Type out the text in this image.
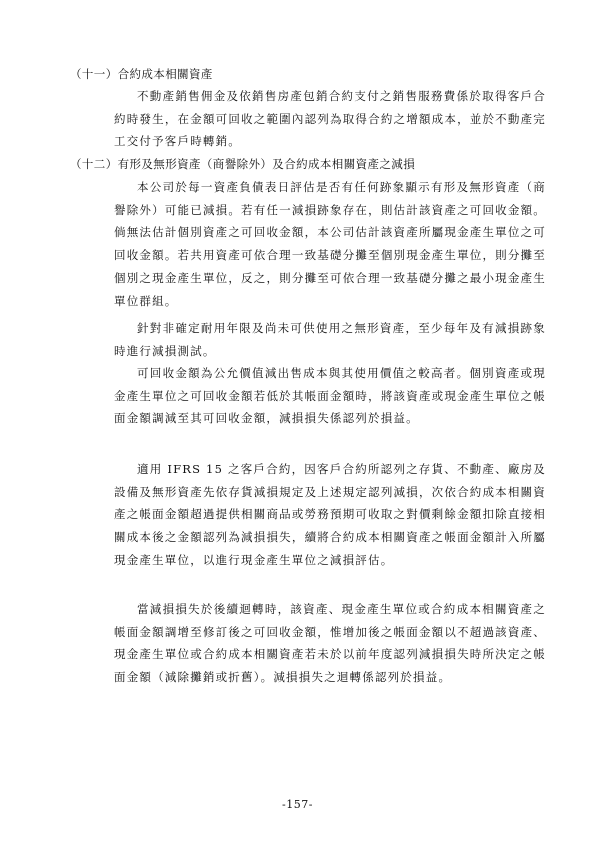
（十一）合約成本相關資產

不動產銷售佣金及依銷售房產包銷合約支付之銷售服務費係於取得客戶合約時發生，在金額可回收之範圍內認列為取得合約之增額成本，並於不動產完工交付予客戶時轉銷。

（十二）有形及無形資產（商譽除外）及合約成本相關資產之減損

本公司於每一資產負債表日評估是否有任何跡象顯示有形及無形資產（商譽除外）可能已減損。若有任一減損跡象存在，則估計該資產之可回收金額。倘無法估計個別資產之可回收金額，本公司估計該資產所屬現金產生單位之可回收金額。若共用資產可依合理一致基礎分攤至個別現金產生單位，則分攤至個別之現金產生單位，反之，則分攤至可依合理一致基礎分攤之最小現金產生單位群組。

針對非確定耐用年限及尚未可供使用之無形資產，至少每年及有減損跡象時進行減損測試。

可回收金額為公允價值減出售成本與其使用價值之較高者。個別資產或現金產生單位之可回收金額若低於其帳面金額時，將該資產或現金產生單位之帳面金額調減至其可回收金額，減損損失係認列於損益。

適用 IFRS 15 之客戶合約，因客戶合約所認列之存貨、不動產、廠房及設備及無形資產先依存貨減損規定及上述規定認列減損，次依合約成本相關資產之帳面金額超過提供相關商品或勞務預期可收取之對價剩餘金額扣除直接相關成本後之金額認列為減損損失，續將合約成本相關資產之帳面金額計入所屬現金產生單位，以進行現金產生單位之減損評估。

當減損損失於後續迴轉時，該資產、現金產生單位或合約成本相關資產之帳面金額調增至修訂後之可回收金額，惟增加後之帳面金額以不超過該資產、現金產生單位或合約成本相關資產若未於以前年度認列減損損失時所決定之帳面金額（減除攤銷或折舊）。減損損失之迴轉係認列於損益。

-157-
